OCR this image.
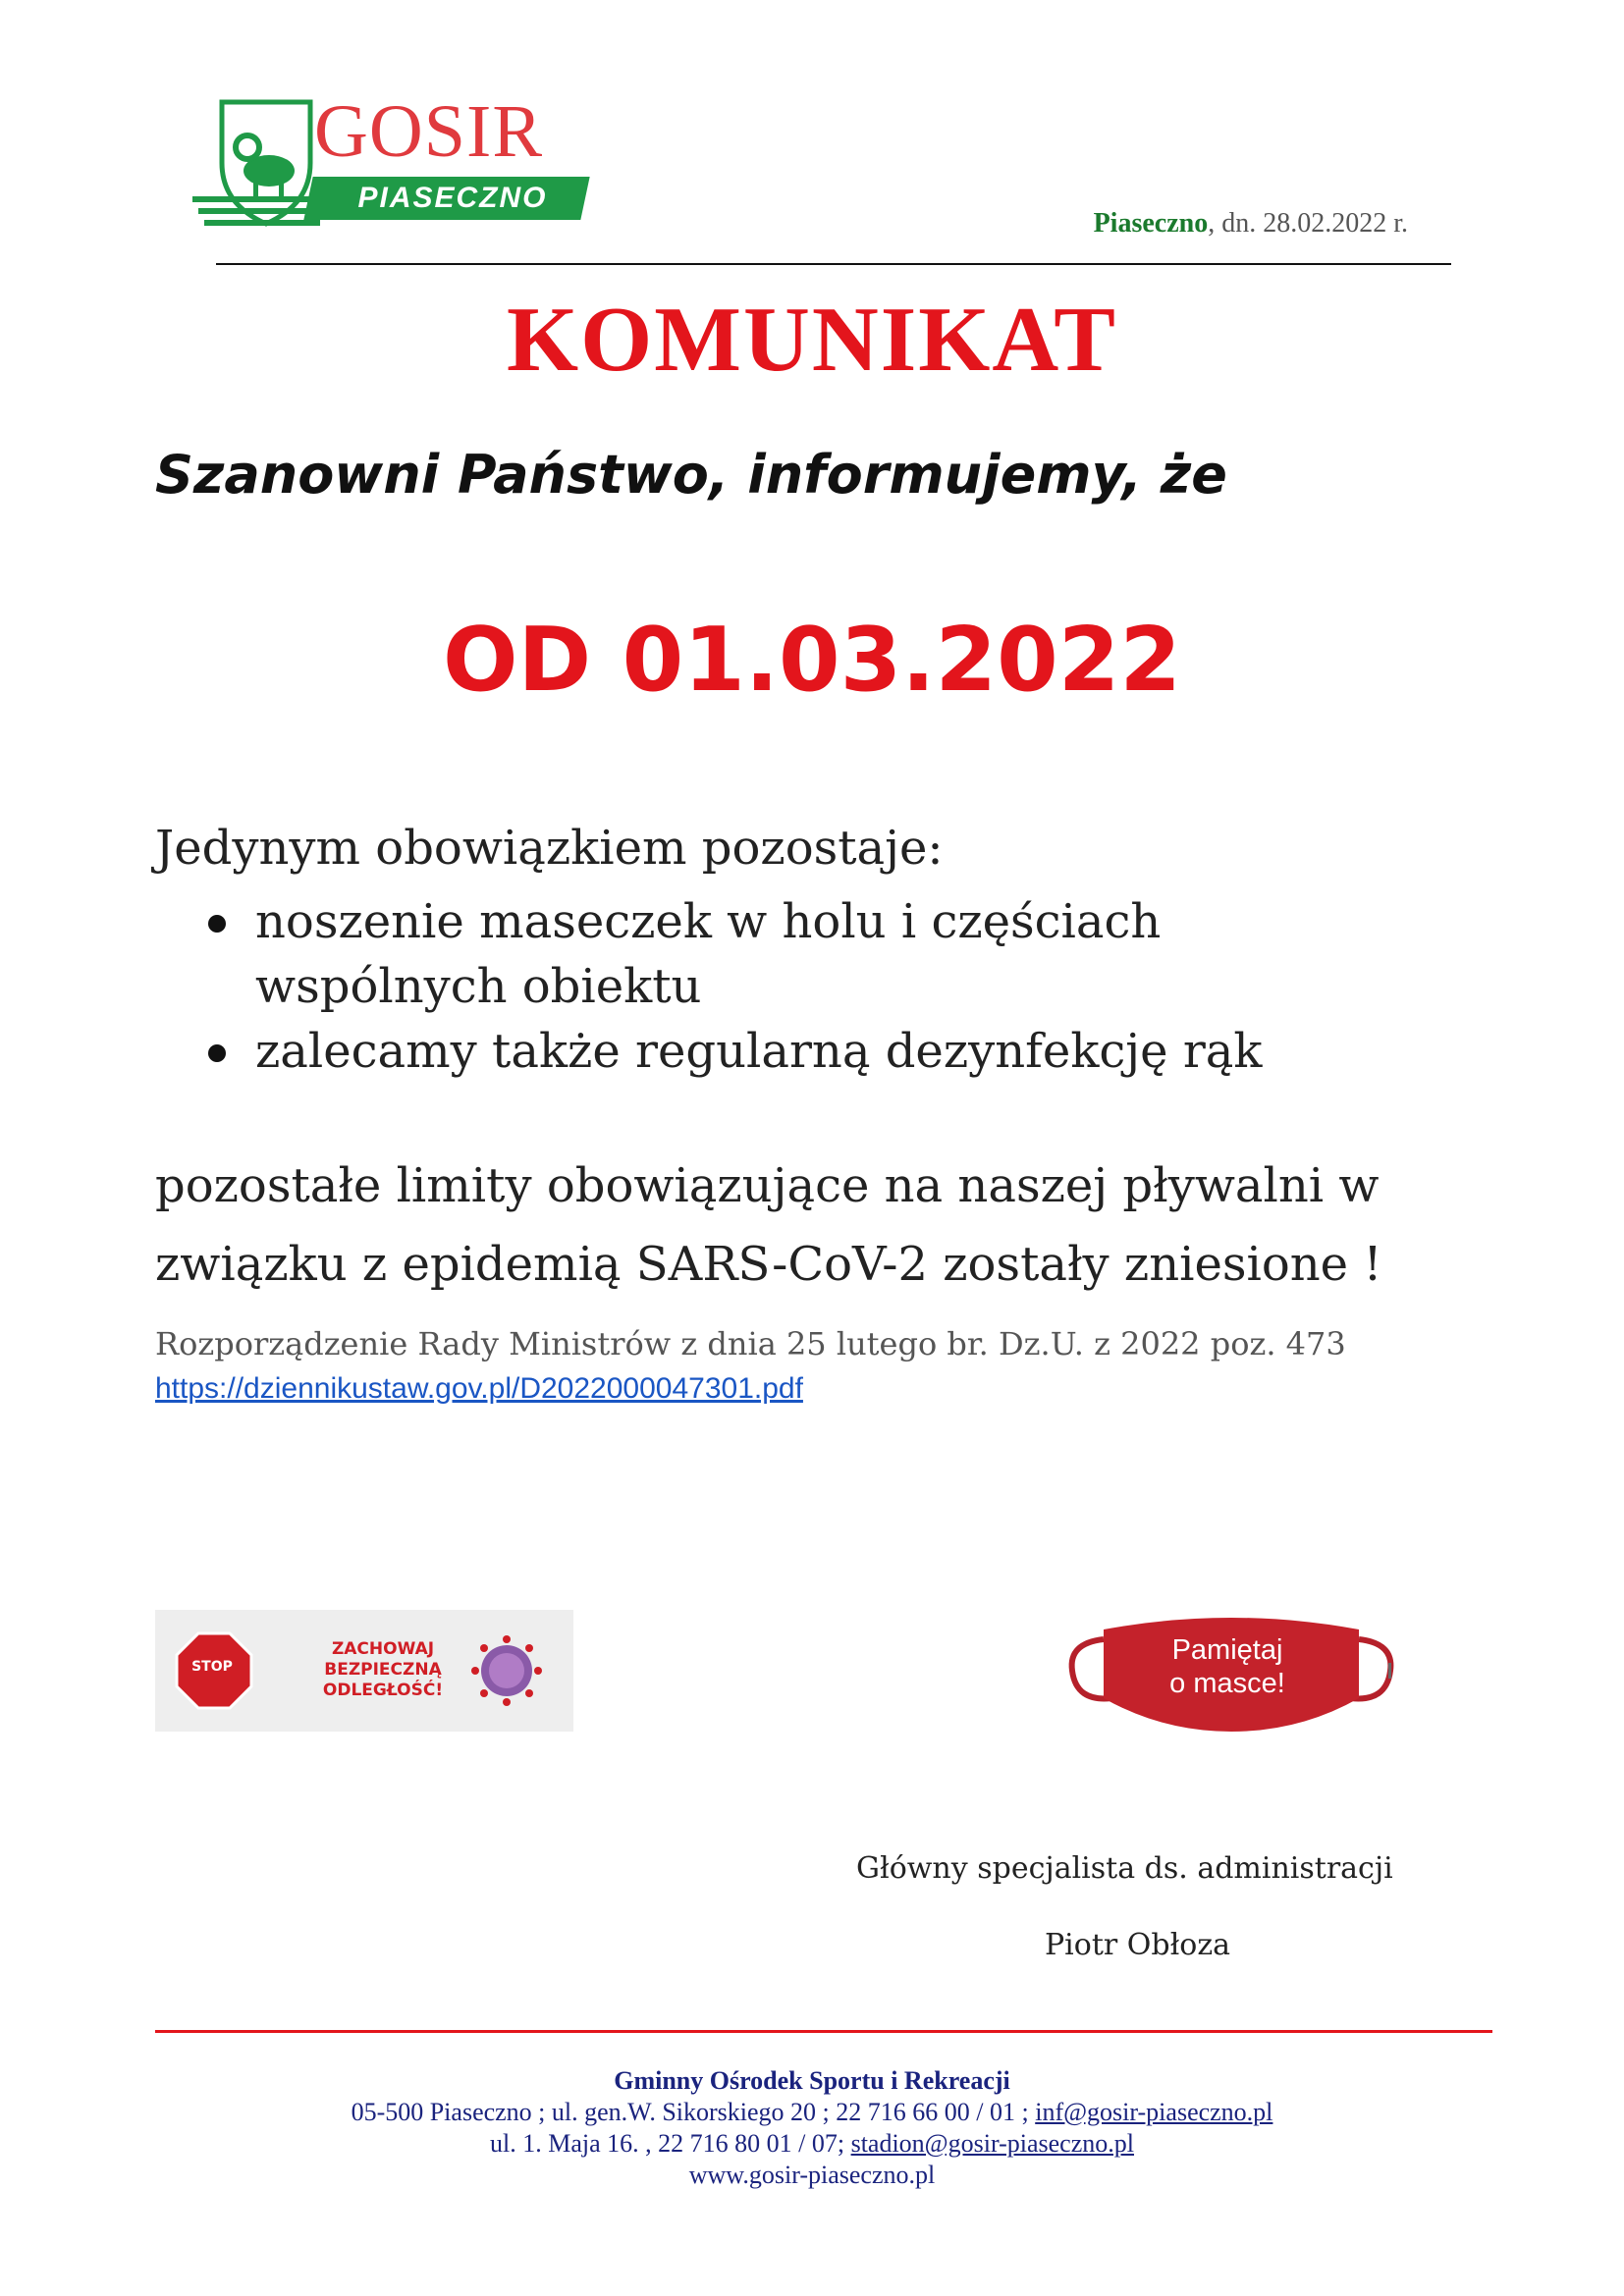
GOSIR
PIASECZNO
Piaseczno, dn. 28.02.2022 r.
KOMUNIKAT
Szanowni Państwo, informujemy, że
OD 01.03.2022
Jedynym obowiązkiem pozostaje:
noszenie maseczek w holu i częściach wspólnych obiektu
zalecamy także regularną dezynfekcję rąk
pozostałe limity obowiązujące na naszej pływalni w związku z epidemią SARS-CoV-2 zostały zniesione !
Rozporządzenie Rady Ministrów z dnia 25 lutego br. Dz.U. z 2022 poz. 473
https://dziennikustaw.gov.pl/D2022000047301.pdf
STOP
ZACHOWAJ
BEZPIECZNĄ
ODLEGŁOŚĆ!
Pamiętaj
o masce!
Główny specjalista ds. administracji
Piotr Obłoza
Gminny Ośrodek Sportu i Rekreacji
05-500 Piaseczno ; ul. gen.W. Sikorskiego 20 ; 22 716 66 00 / 01 ; inf@gosir-piaseczno.pl
ul. 1. Maja 16. , 22 716 80 01 / 07; stadion@gosir-piaseczno.pl
www.gosir-piaseczno.pl
